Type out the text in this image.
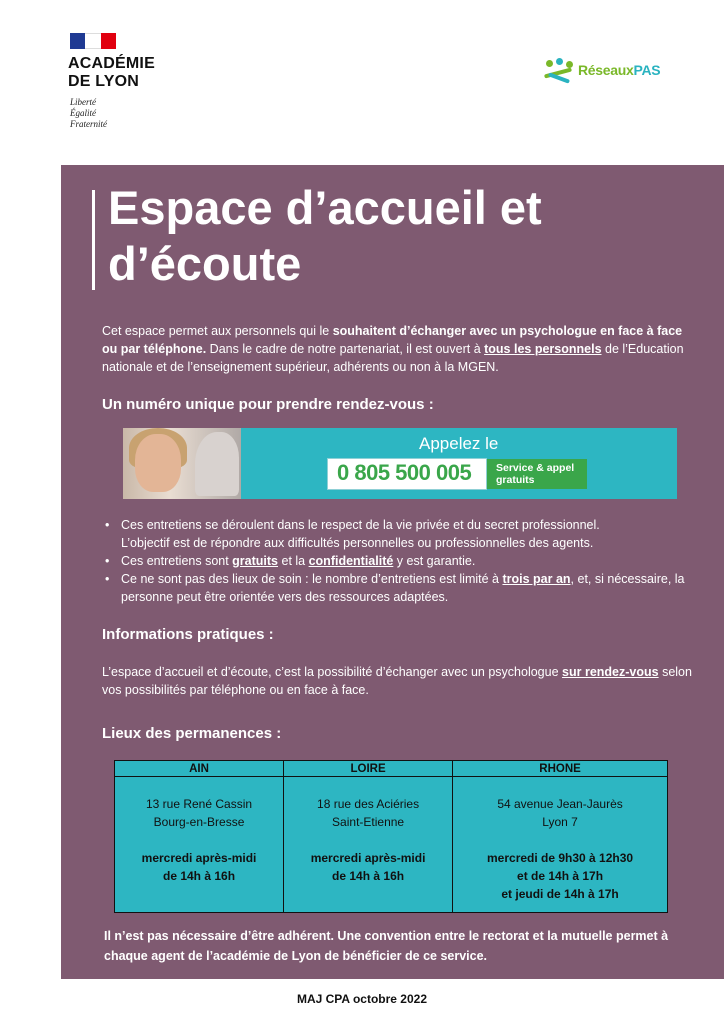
ACADÉMIE
DE LYON
Liberté
Égalité
Fraternité
RéseauxPAS
Espace d’accueil et
d’écoute

Cet espace permet aux personnels qui le souhaitent d’échanger avec un psychologue en face à face ou par téléphone. Dans le cadre de notre partenariat, il est ouvert à tous les personnels de l’Education nationale et de l’enseignement supérieur, adhérents ou non à la MGEN.

Un numéro unique pour prendre rendez-vous :
Appelez le
0 805 500 005 Service & appel
gratuits
• Ces entretiens se déroulent dans le respect de la vie privée et du secret professionnel.
L’objectif est de répondre aux difficultés personnelles ou professionnelles des agents.
• Ces entretiens sont gratuits et la confidentialité y est garantie.
• Ce ne sont pas des lieux de soin : le nombre d’entretiens est limité à trois par an, et, si nécessaire, la personne peut être orientée vers des ressources adaptées.
Informations pratiques :

L’espace d’accueil et d’écoute, c’est la possibilité d’échanger avec un psychologue sur rendez-vous selon vos possibilités par téléphone ou en face à face.

Lieux des permanences :
AIN	LOIRE	RHONE

13 rue René Cassin
Bourg-en-Bresse
mercredi après-midi
de 14h à 16h	18 rue des Aciéries
Saint-Etienne
mercredi après-midi
de 14h à 16h	54 avenue Jean-Jaurès
Lyon 7
mercredi de 9h30 à 12h30
et de 14h à 17h
et jeudi de 14h à 17h

Il n’est pas nécessaire d’être adhérent. Une convention entre le rectorat et la mutuelle permet à chaque agent de l’académie de Lyon de bénéficier de ce service.

MAJ CPA octobre 2022
